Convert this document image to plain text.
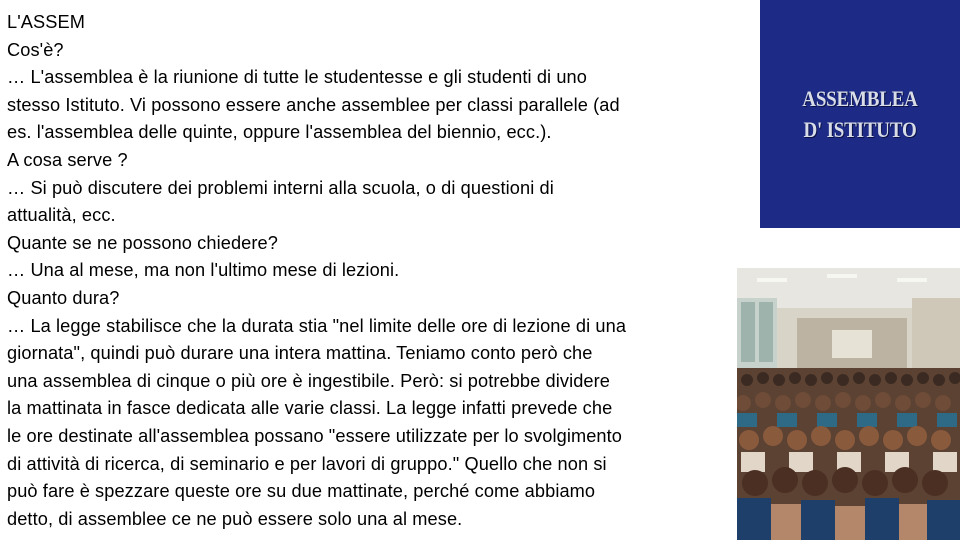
L'ASSEM

Cos'è?

… L'assemblea è la riunione di tutte le studentesse e gli studenti di uno

stesso Istituto. Vi possono essere anche assemblee per classi parallele (ad

es. l'assemblea delle quinte, oppure l'assemblea del biennio, ecc.).

A cosa serve ?

… Si può discutere dei problemi interni alla scuola, o di questioni di

attualità, ecc.

Quante se ne possono chiedere?

… Una al mese, ma non l'ultimo mese di lezioni.

Quanto dura?

… La legge stabilisce che la durata stia "nel limite delle ore di lezione di una

giornata", quindi può durare una intera mattina. Teniamo conto però che

una assemblea di cinque o più ore è ingestibile. Però: si potrebbe dividere

la mattinata in fasce dedicata alle varie classi. La legge infatti prevede che

le ore destinate all'assemblea possano "essere utilizzate per lo svolgimento

di attività di ricerca, di seminario e per lavori di gruppo." Quello che non si

può fare è spezzare queste ore su due mattinate, perché come abbiamo

detto, di assemblee ce ne può essere solo una al mese.

ASSEMBLEA
D' ISTITUTO
